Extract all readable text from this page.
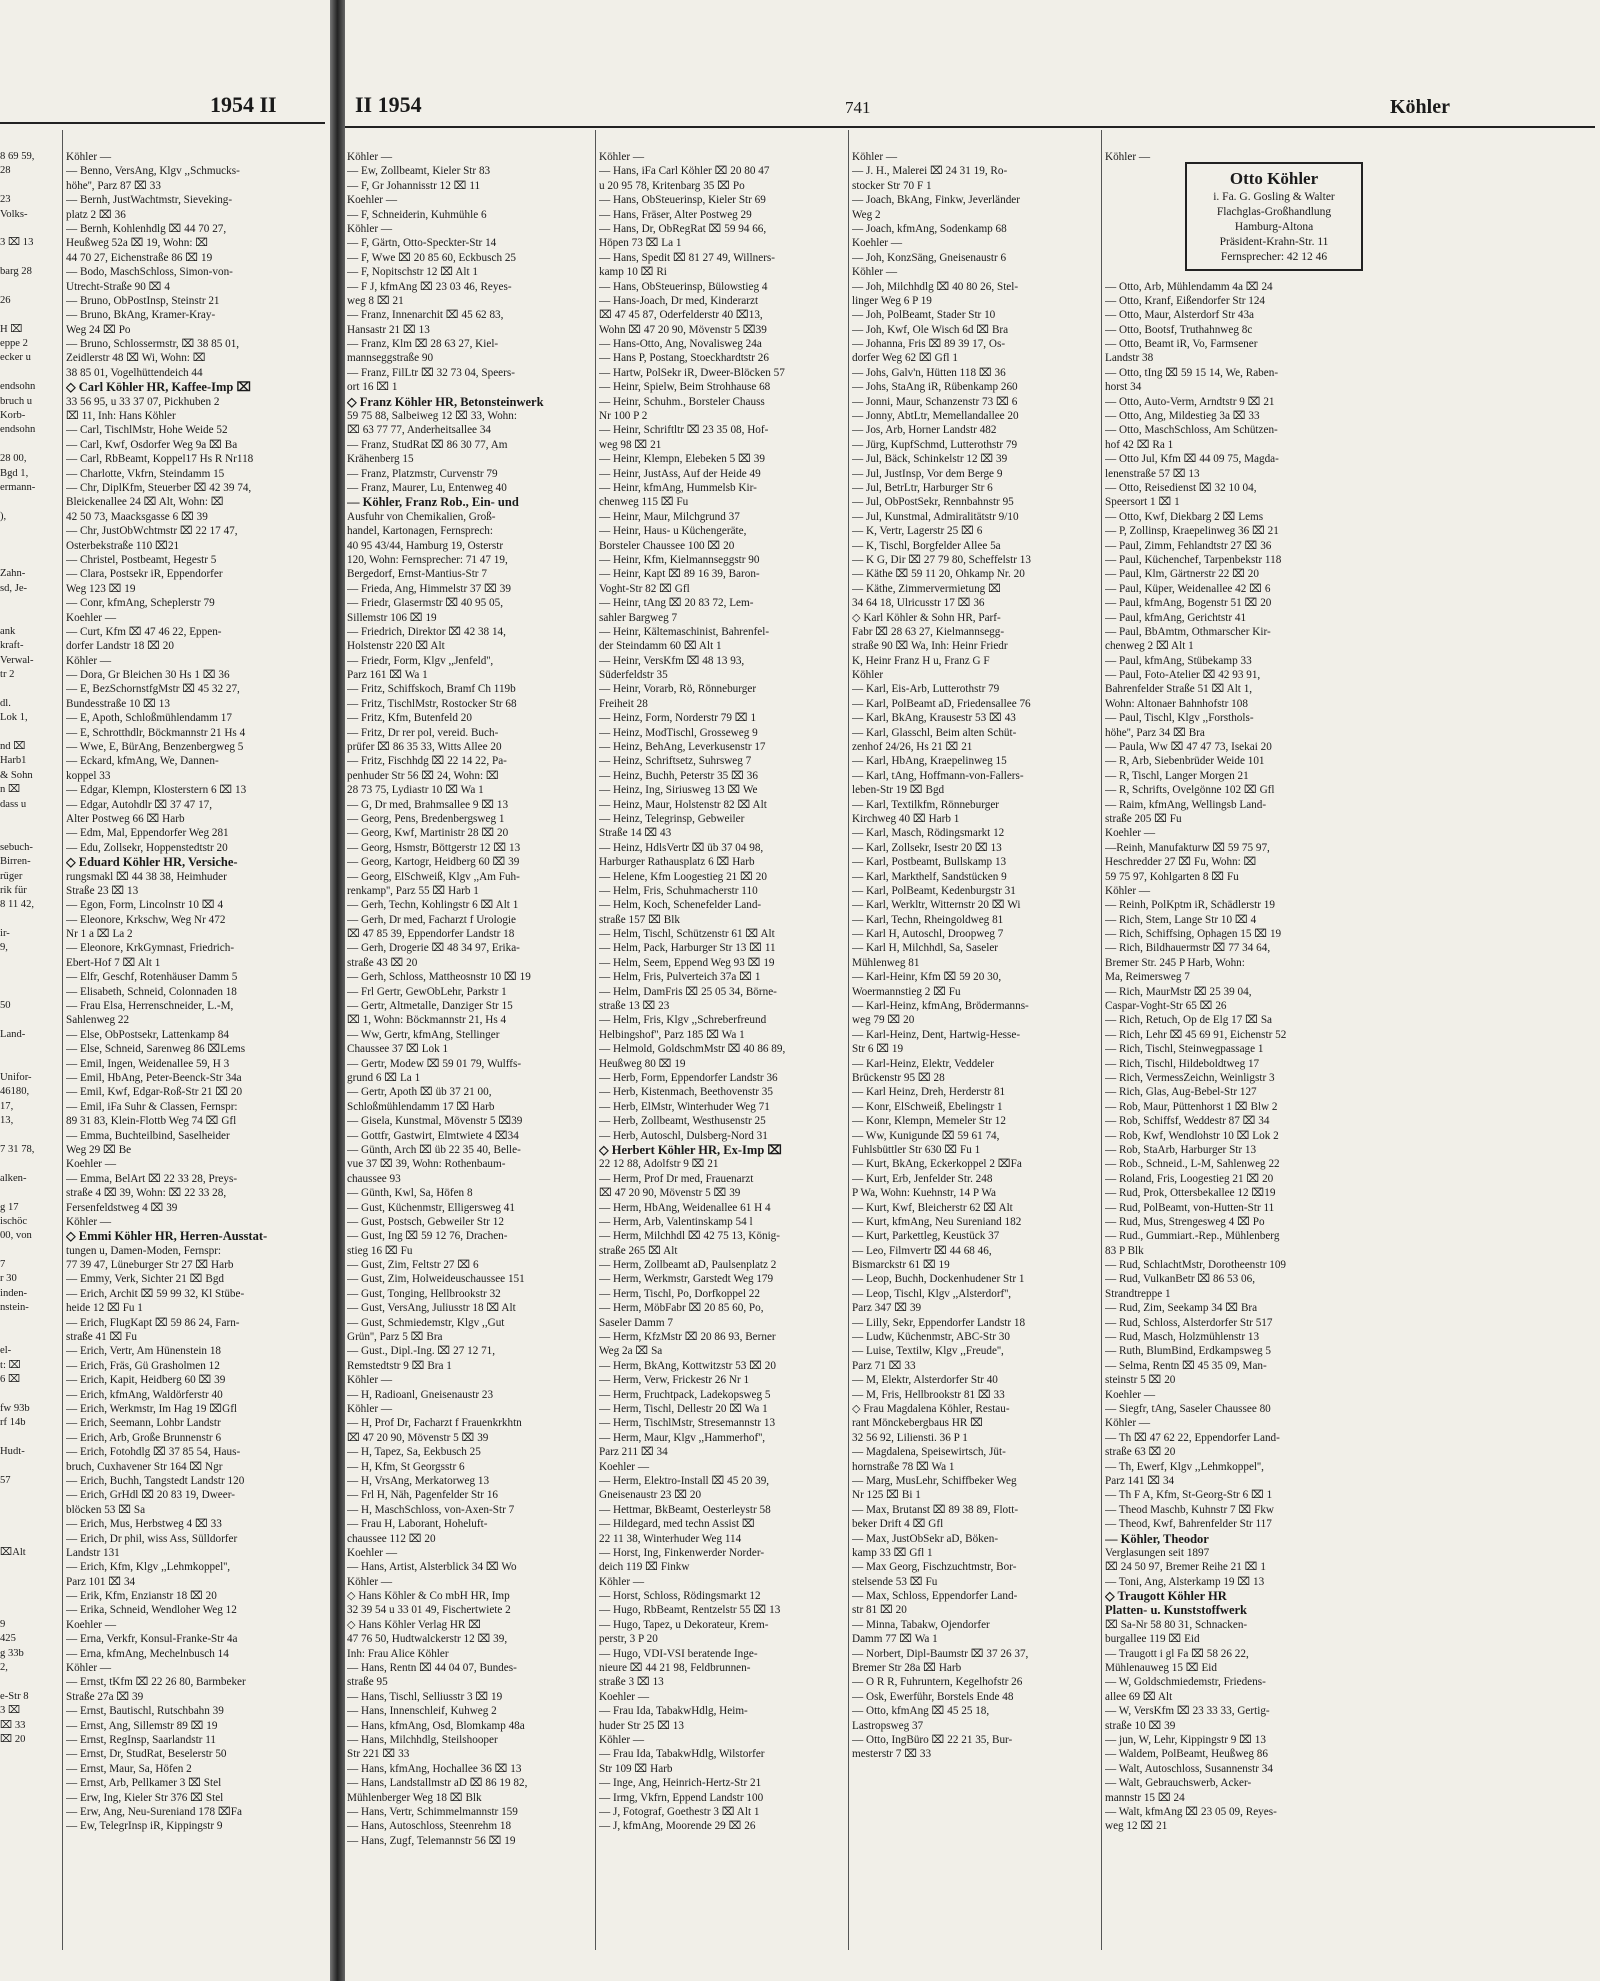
1954 II
8 69 59,
28
23
Volks-
3 ⌧ 13
barg 28
26
H ⌧
eppe 2
ecker u
endsohn
bruch u
Korb-
endsohn
28 00,
Bgd 1,
ermann-
),
Zahn-
sd, Je-
ank
kraft-
Verwal-
tr 2
dl.
Lok 1,
nd ⌧
Harb1
& Sohn
n ⌧
dass u
sebuch-
Birren-
rüger
rik für
8 11 42,
ir-
9,
50
Land-
Unifor-
46180,
17,
13,
7 31 78,
alken-
g 17
ischöc
00, von
7
r 30
inden-
nstein-
el-
t: ⌧
6 ⌧
fw 93b
rf 14b
Hudt-
57
⌧Alt
9
425
g 33b
2,
e-Str 8
3 ⌧
⌧ 33
⌧ 20
Köhler —
— Benno, VersAng, Klgv ,,Schmucks-
höhe'', Parz 87 ⌧ 33
— Bernh, JustWachtmstr, Sieveking-
platz 2 ⌧ 36
— Bernh, Kohlenhdlg ⌧ 44 70 27,
Heußweg 52a ⌧ 19, Wohn: ⌧
44 70 27, Eichenstraße 86 ⌧ 19
— Bodo, MaschSchloss, Simon-von-
Utrecht-Straße 90 ⌧ 4
— Bruno, ObPostInsp, Steinstr 21
— Bruno, BkAng, Kramer-Kray-
Weg 24 ⌧ Po
— Bruno, Schlossermstr, ⌧ 38 85 01,
Zeidlerstr 48 ⌧ Wi, Wohn: ⌧
38 85 01, Vogelhüttendeich 44
◇ Carl Köhler HR, Kaffee-Imp ⌧
33 56 95, u 33 37 07, Pickhuben 2
⌧ 11, Inh: Hans Köhler
— Carl, TischlMstr, Hohe Weide 52
— Carl, Kwf, Osdorfer Weg 9a ⌧ Ba
— Carl, RbBeamt, Koppel17 Hs R Nr118
— Charlotte, Vkfrn, Steindamm 15
— Chr, DiplKfm, Steuerber ⌧ 42 39 74,
Bleickenallee 24 ⌧ Alt, Wohn: ⌧
42 50 73, Maacksgasse 6 ⌧ 39
— Chr, JustObWchtmstr ⌧ 22 17 47,
Osterbekstraße 110 ⌧21
— Christel, Postbeamt, Hegestr 5
— Clara, Postsekr iR, Eppendorfer
Weg 123 ⌧ 19
— Conr, kfmAng, Scheplerstr 79
Koehler —
— Curt, Kfm ⌧ 47 46 22, Eppen-
dorfer Landstr 18 ⌧ 20
Köhler —
— Dora, Gr Bleichen 30 Hs 1 ⌧ 36
— E, BezSchornstfgMstr ⌧ 45 32 27,
Bundesstraße 10 ⌧ 13
— E, Apoth, Schloßmühlendamm 17
— E, Schrotthdlr, Böckmannstr 21 Hs 4
— Wwe, E, BürAng, Benzenbergweg 5
— Eckard, kfmAng, We, Dannen-
koppel 33
— Edgar, Klempn, Klosterstern 6 ⌧ 13
— Edgar, Autohdlr ⌧ 37 47 17,
Alter Postweg 66 ⌧ Harb
— Edm, Mal, Eppendorfer Weg 281
— Edu, Zollsekr, Hoppenstedtstr 20
◇ Eduard Köhler HR, Versiche-
rungsmakl ⌧ 44 38 38, Heimhuder
Straße 23 ⌧ 13
— Egon, Form, Lincolnstr 10 ⌧ 4
— Eleonore, Krkschw, Weg Nr 472
Nr 1 a ⌧ La 2
— Eleonore, KrkGymnast, Friedrich-
Ebert-Hof 7 ⌧ Alt 1
— Elfr, Geschf, Rotenhäuser Damm 5
— Elisabeth, Schneid, Colonnaden 18
— Frau Elsa, Herrenschneider, L.-M,
Sahlenweg 22
— Else, ObPostsekr, Lattenkamp 84
— Else, Schneid, Sarenweg 86 ⌧Lems
— Emil, Ingen, Weidenallee 59, H 3
— Emil, HbAng, Peter-Beenck-Str 34a
— Emil, Kwf, Edgar-Roß-Str 21 ⌧ 20
— Emil, iFa Suhr & Classen, Fernspr:
89 31 83, Klein-Flottb Weg 74 ⌧ Gfl
— Emma, Buchteilbind, Saselheider
Weg 29 ⌧ Be
Koehler —
— Emma, BelArt ⌧ 22 33 28, Preys-
straße 4 ⌧ 39, Wohn: ⌧ 22 33 28,
Fersenfeldstweg 4 ⌧ 39
Köhler —
◇ Emmi Köhler HR, Herren-Ausstat-
tungen u, Damen-Moden, Fernspr:
77 39 47, Lüneburger Str 27 ⌧ Harb
— Emmy, Verk, Sichter 21 ⌧ Bgd
— Erich, Archit ⌧ 59 99 32, Kl Stübe-
heide 12 ⌧ Fu 1
— Erich, FlugKapt ⌧ 59 86 24, Farn-
straße 41 ⌧ Fu
— Erich, Vertr, Am Hünenstein 18
— Erich, Fräs, Gü Grasholmen 12
— Erich, Kapit, Heidberg 60 ⌧ 39
— Erich, kfmAng, Waldörferstr 40
— Erich, Werkmstr, Im Hag 19 ⌧Gfl
— Erich, Seemann, Lohbr Landstr
— Erich, Arb, Große Brunnenstr 6
— Erich, Fotohdlg ⌧ 37 85 54, Haus-
bruch, Cuxhavener Str 164 ⌧ Ngr
— Erich, Buchh, Tangstedt Landstr 120
— Erich, GrHdl ⌧ 20 83 19, Dweer-
blöcken 53 ⌧ Sa
— Erich, Mus, Herbstweg 4 ⌧ 33
— Erich, Dr phil, wiss Ass, Sülldorfer
Landstr 131
— Erich, Kfm, Klgv ,,Lehmkoppel'',
Parz 101 ⌧ 34
— Erik, Kfm, Enzianstr 18 ⌧ 20
— Erika, Schneid, Wendloher Weg 12
Koehler —
— Erna, Verkfr, Konsul-Franke-Str 4a
— Erna, kfmAng, Mechelnbusch 14
Köhler —
— Ernst, tKfm ⌧ 22 26 80, Barmbeker
Straße 27a ⌧ 39
— Ernst, Bautischl, Rutschbahn 39
— Ernst, Ang, Sillemstr 89 ⌧ 19
— Ernst, RegInsp, Saarlandstr 11
— Ernst, Dr, StudRat, Beselerstr 50
— Ernst, Maur, Sa, Höfen 2
— Ernst, Arb, Pellkamer 3 ⌧ Stel
— Erw, Ing, Kieler Str 376 ⌧ Stel
— Erw, Ang, Neu-Sureniand 178 ⌧Fa
— Ew, TelegrInsp iR, Kippingstr 9
II 1954	741	Köhler
Köhler —
— Ew, Zollbeamt, Kieler Str 83
— F, Gr Johannisstr 12 ⌧ 11
Koehler —
— F, Schneiderin, Kuhmühle 6
Köhler —
— F, Gärtn, Otto-Speckter-Str 14
— F, Wwe ⌧ 20 85 60, Eckbusch 25
— F, Nopitschstr 12 ⌧ Alt 1
— F J, kfmAng ⌧ 23 03 46, Reyes-
weg 8 ⌧ 21
— Franz, Innenarchit ⌧ 45 62 83,
Hansastr 21 ⌧ 13
— Franz, Klm ⌧ 28 63 27, Kiel-
mannseggstraße 90
— Franz, FilLtr ⌧ 32 73 04, Speers-
ort 16 ⌧ 1
◇ Franz Köhler HR, Betonsteinwerk
59 75 88, Salbeiweg 12 ⌧ 33, Wohn:
⌧ 63 77 77, Anderheitsallee 34
— Franz, StudRat ⌧ 86 30 77, Am
Krähenberg 15
— Franz, Platzmstr, Curvenstr 79
— Franz, Maurer, Lu, Entenweg 40
— Köhler, Franz Rob., Ein- und
Ausfuhr von Chemikalien, Groß-
handel, Kartonagen, Fernsprech:
40 95 43/44, Hamburg 19, Osterstr
120, Wohn: Fernsprecher: 71 47 19,
Bergedorf, Ernst-Mantius-Str 7
— Frieda, Ang, Himmelstr 37 ⌧ 39
— Friedr, Glasermstr ⌧ 40 95 05,
Sillemstr 106 ⌧ 19
— Friedrich, Direktor ⌧ 42 38 14,
Holstenstr 220 ⌧ Alt
— Friedr, Form, Klgv ,,Jenfeld'',
Parz 161 ⌧ Wa 1
— Fritz, Schiffskoch, Bramf Ch 119b
— Fritz, TischlMstr, Rostocker Str 68
— Fritz, Kfm, Butenfeld 20
— Fritz, Dr rer pol, vereid. Buch-
prüfer ⌧ 86 35 33, Witts Allee 20
— Fritz, Fischhdg ⌧ 22 14 22, Pa-
penhuder Str 56 ⌧ 24, Wohn: ⌧
28 73 75, Lydiastr 10 ⌧ Wa 1
— G, Dr med, Brahmsallee 9 ⌧ 13
— Georg, Pens, Bredenbergsweg 1
— Georg, Kwf, Martinistr 28 ⌧ 20
— Georg, Hsmstr, Böttgerstr 12 ⌧ 13
— Georg, Kartogr, Heidberg 60 ⌧ 39
— Georg, ElSchweiß, Klgv ,,Am Fuh-
renkamp'', Parz 55 ⌧ Harb 1
— Gerh, Techn, Kohlingstr 6 ⌧ Alt 1
— Gerh, Dr med, Facharzt f Urologie
⌧ 47 85 39, Eppendorfer Landstr 18
— Gerh, Drogerie ⌧ 48 34 97, Erika-
straße 43 ⌧ 20
— Gerh, Schloss, Mattheosnstr 10 ⌧ 19
— Frl Gertr, GewObLehr, Parkstr 1
— Gertr, Altmetalle, Danziger Str 15
⌧ 1, Wohn: Böckmannstr 21, Hs 4
— Ww, Gertr, kfmAng, Stellinger
Chaussee 37 ⌧ Lok 1
— Gertr, Modew ⌧ 59 01 79, Wulffs-
grund 6 ⌧ La 1
— Gertr, Apoth ⌧ üb 37 21 00,
Schloßmühlendamm 17 ⌧ Harb
— Gisela, Kunstmal, Mövenstr 5 ⌧39
— Gottfr, Gastwirt, Elmtwiete 4 ⌧34
— Günth, Arch ⌧ üb 22 35 40, Belle-
vue 37 ⌧ 39, Wohn: Rothenbaum-
chaussee 93
— Günth, Kwl, Sa, Höfen 8
— Gust, Küchenmstr, Elligersweg 41
— Gust, Postsch, Gebweiler Str 12
— Gust, Ing ⌧ 59 12 76, Drachen-
stieg 16 ⌧ Fu
— Gust, Zim, Feltstr 27 ⌧ 6
— Gust, Zim, Holweideuschaussee 151
— Gust, Tonging, Hellbrookstr 32
— Gust, VersAng, Juliusstr 18 ⌧ Alt
— Gust, Schmiedemstr, Klgv ,,Gut
Grün'', Parz 5 ⌧ Bra
— Gust., Dipl.-Ing. ⌧ 27 12 71,
Remstedtstr 9 ⌧ Bra 1
Köhler —
— H, Radioanl, Gneisenaustr 23
Köhler —
— H, Prof Dr, Facharzt f Frauenkrkhtn
⌧ 47 20 90, Mövenstr 5 ⌧ 39
— H, Tapez, Sa, Eekbusch 25
— H, Kfm, St Georgsstr 6
— H, VrsAng, Merkatorweg 13
— Frl H, Näh, Pagenfelder Str 16
— H, MaschSchloss, von-Axen-Str 7
— Frau H, Laborant, Hoheluft-
chaussee 112 ⌧ 20
Koehler —
— Hans, Artist, Alsterblick 34 ⌧ Wo
Köhler —
◇ Hans Köhler & Co mbH HR, Imp
32 39 54 u 33 01 49, Fischertwiete 2
◇ Hans Köhler Verlag HR ⌧
47 76 50, Hudtwalckerstr 12 ⌧ 39,
Inh: Frau Alice Köhler
— Hans, Rentn ⌧ 44 04 07, Bundes-
straße 95
— Hans, Tischl, Selliusstr 3 ⌧ 19
— Hans, Innenschleif, Kuhweg 2
— Hans, kfmAng, Osd, Blomkamp 48a
— Hans, Milchhdlg, Steilshooper
Str 221 ⌧ 33
— Hans, kfmAng, Hochallee 36 ⌧ 13
— Hans, Landstallmstr aD ⌧ 86 19 82,
Mühlenberger Weg 18 ⌧ Blk
— Hans, Vertr, Schimmelmannstr 159
— Hans, Autoschloss, Steenrehm 18
— Hans, Zugf, Telemannstr 56 ⌧ 19
Köhler —
— Hans, iFa Carl Köhler ⌧ 20 80 47
u 20 95 78, Kritenbarg 35 ⌧ Po
— Hans, ObSteuerinsp, Kieler Str 69
— Hans, Fräser, Alter Postweg 29
— Hans, Dr, ObRegRat ⌧ 59 94 66,
Höpen 73 ⌧ La 1
— Hans, Spedit ⌧ 81 27 49, Willners-
kamp 10 ⌧ Ri
— Hans, ObSteuerinsp, Bülowstieg 4
— Hans-Joach, Dr med, Kinderarzt
⌧ 47 45 87, Oderfelderstr 40 ⌧13,
Wohn ⌧ 47 20 90, Mövenstr 5 ⌧39
— Hans-Otto, Ang, Novalisweg 24a
— Hans P, Postang, Stoeckhardtstr 26
— Hartw, PolSekr iR, Dweer-Blöcken 57
— Heinr, Spielw, Beim Strohhause 68
— Heinr, Schuhm., Borsteler Chauss
Nr 100 P 2
— Heinr, Schriftltr ⌧ 23 35 08, Hof-
weg 98 ⌧ 21
— Heinr, Klempn, Elebeken 5 ⌧ 39
— Heinr, JustAss, Auf der Heide 49
— Heinr, kfmAng, Hummelsb Kir-
chenweg 115 ⌧ Fu
— Heinr, Maur, Milchgrund 37
— Heinr, Haus- u Küchengeräte,
Borsteler Chaussee 100 ⌧ 20
— Heinr, Kfm, Kielmannseggstr 90
— Heinr, Kapt ⌧ 89 16 39, Baron-
Voght-Str 82 ⌧ Gfl
— Heinr, tAng ⌧ 20 83 72, Lem-
sahler Bargweg 7
— Heinr, Kältemaschinist, Bahrenfel-
der Steindamm 60 ⌧ Alt 1
— Heinr, VersKfm ⌧ 48 13 93,
Süderfeldstr 35
— Heinr, Vorarb, Rö, Rönneburger
Freiheit 28
— Heinz, Form, Norderstr 79 ⌧ 1
— Heinz, ModTischl, Grosseweg 9
— Heinz, BehAng, Leverkusenstr 17
— Heinz, Schriftsetz, Suhrsweg 7
— Heinz, Buchh, Peterstr 35 ⌧ 36
— Heinz, Ing, Siriusweg 13 ⌧ We
— Heinz, Maur, Holstenstr 82 ⌧ Alt
— Heinz, Telegrinsp, Gebweiler
Straße 14 ⌧ 43
— Heinz, HdlsVertr ⌧ üb 37 04 98,
Harburger Rathausplatz 6 ⌧ Harb
— Helene, Kfm Loogestieg 21 ⌧ 20
— Helm, Fris, Schuhmacherstr 110
— Helm, Koch, Schenefelder Land-
straße 157 ⌧ Blk
— Helm, Tischl, Schützenstr 61 ⌧ Alt
— Helm, Pack, Harburger Str 13 ⌧ 11
— Helm, Seem, Eppend Weg 93 ⌧ 19
— Helm, Fris, Pulverteich 37a ⌧ 1
— Helm, DamFris ⌧ 25 05 34, Börne-
straße 13 ⌧ 23
— Helm, Fris, Klgv ,,Schreberfreund
Helbingshof'', Parz 185 ⌧ Wa 1
— Helmold, GoldschmMstr ⌧ 40 86 89,
Heußweg 80 ⌧ 19
— Herb, Form, Eppendorfer Landstr 36
— Herb, Kistenmach, Beethovenstr 35
— Herb, ElMstr, Winterhuder Weg 71
— Herb, Zollbeamt, Westhusenstr 25
— Herb, Autoschl, Dulsberg-Nord 31
◇ Herbert Köhler HR, Ex-Imp ⌧
22 12 88, Adolfstr 9 ⌧ 21
— Herm, Prof Dr med, Frauenarzt
⌧ 47 20 90, Mövenstr 5 ⌧ 39
— Herm, HbAng, Weidenallee 61 H 4
— Herm, Arb, Valentinskamp 54 l
— Herm, Milchhdl ⌧ 42 75 13, König-
straße 265 ⌧ Alt
— Herm, Zollbeamt aD, Paulsenplatz 2
— Herm, Werkmstr, Garstedt Weg 179
— Herm, Tischl, Po, Dorfkoppel 22
— Herm, MöbFabr ⌧ 20 85 60, Po,
Saseler Damm 7
— Herm, KfzMstr ⌧ 20 86 93, Berner
Weg 2a ⌧ Sa
— Herm, BkAng, Kottwitzstr 53 ⌧ 20
— Herm, Verw, Frickestr 26 Nr 1
— Herm, Fruchtpack, Ladekopsweg 5
— Herm, Tischl, Dellestr 20 ⌧ Wa 1
— Herm, TischlMstr, Stresemannstr 13
— Herm, Maur, Klgv ,,Hammerhof'',
Parz 211 ⌧ 34
Koehler —
— Herm, Elektro-Install ⌧ 45 20 39,
Gneisenaustr 23 ⌧ 20
— Hettmar, BkBeamt, Oesterleystr 58
— Hildegard, med techn Assist ⌧
22 11 38, Winterhuder Weg 114
— Horst, Ing, Finkenwerder Norder-
deich 119 ⌧ Finkw
Köhler —
— Horst, Schloss, Rödingsmarkt 12
— Hugo, RbBeamt, Rentzelstr 55 ⌧ 13
— Hugo, Tapez, u Dekorateur, Krem-
perstr, 3 P 20
— Hugo, VDI-VSI beratende Inge-
nieure ⌧ 44 21 98, Feldbrunnen-
straße 3 ⌧ 13
Koehler —
— Frau Ida, TabakwHdlg, Heim-
huder Str 25 ⌧ 13
Köhler —
— Frau Ida, TabakwHdlg, Wilstorfer
Str 109 ⌧ Harb
— Inge, Ang, Heinrich-Hertz-Str 21
— Irmg, Vkfrn, Eppend Landstr 100
— J, Fotograf, Goethestr 3 ⌧ Alt 1
— J, kfmAng, Moorende 29 ⌧ 26
Köhler —
— J. H., Malerei ⌧ 24 31 19, Ro-
stocker Str 70 F 1
— Joach, BkAng, Finkw, Jeverländer
Weg 2
— Joach, kfmAng, Sodenkamp 68
Koehler —
— Joh, KonzSäng, Gneisenaustr 6
Köhler —
— Joh, Milchhdlg ⌧ 40 80 26, Stel-
linger Weg 6 P 19
— Joh, PolBeamt, Stader Str 10
— Joh, Kwf, Ole Wisch 6d ⌧ Bra
— Johanna, Fris ⌧ 89 39 17, Os-
dorfer Weg 62 ⌧ Gfl 1
— Johs, Galv'n, Hütten 118 ⌧ 36
— Johs, StaAng iR, Rübenkamp 260
— Jonni, Maur, Schanzenstr 73 ⌧ 6
— Jonny, AbtLtr, Memellandallee 20
— Jos, Arb, Horner Landstr 482
— Jürg, KupfSchmd, Lutterothstr 79
— Jul, Bäck, Schinkelstr 12 ⌧ 39
— Jul, JustInsp, Vor dem Berge 9
— Jul, BetrLtr, Harburger Str 6
— Jul, ObPostSekr, Rennbahnstr 95
— Jul, Kunstmal, Admiralitätstr 9/10
— K, Vertr, Lagerstr 25 ⌧ 6
— K, Tischl, Borgfelder Allee 5a
— K G, Dir ⌧ 27 79 80, Scheffelstr 13
— Käthe ⌧ 59 11 20, Ohkamp Nr. 20
— Käthe, Zimmervermietung ⌧
34 64 18, Ulricusstr 17 ⌧ 36
◇ Karl Köhler & Sohn HR, Parf-
Fabr ⌧ 28 63 27, Kielmannsegg-
straße 90 ⌧ Wa, Inh: Heinr Friedr
K, Heinr Franz H u, Franz G F
Köhler
— Karl, Eis-Arb, Lutterothstr 79
— Karl, PolBeamt aD, Friedensallee 76
— Karl, BkAng, Krausestr 53 ⌧ 43
— Karl, Glasschl, Beim alten Schüt-
zenhof 24/26, Hs 21 ⌧ 21
— Karl, HbAng, Kraepelinweg 15
— Karl, tAng, Hoffmann-von-Fallers-
leben-Str 19 ⌧ Bgd
— Karl, Textilkfm, Rönneburger
Kirchweg 40 ⌧ Harb 1
— Karl, Masch, Rödingsmarkt 12
— Karl, Zollsekr, Isestr 20 ⌧ 13
— Karl, Postbeamt, Bullskamp 13
— Karl, Markthelf, Sandstücken 9
— Karl, PolBeamt, Kedenburgstr 31
— Karl, Werkltr, Witternstr 20 ⌧ Wi
— Karl, Techn, Rheingoldweg 81
— Karl H, Autoschl, Droopweg 7
— Karl H, Milchhdl, Sa, Saseler
Mühlenweg 81
— Karl-Heinr, Kfm ⌧ 59 20 30,
Woermannstieg 2 ⌧ Fu
— Karl-Heinz, kfmAng, Brödermanns-
weg 79 ⌧ 20
— Karl-Heinz, Dent, Hartwig-Hesse-
Str 6 ⌧ 19
— Karl-Heinz, Elektr, Veddeler
Brückenstr 95 ⌧ 28
— Karl Heinz, Dreh, Herderstr 81
— Konr, ElSchweiß, Ebelingstr 1
— Konr, Klempn, Memeler Str 12
— Ww, Kunigunde ⌧ 59 61 74,
Fuhlsbüttler Str 630 ⌧ Fu 1
— Kurt, BkAng, Eckerkoppel 2 ⌧Fa
— Kurt, Erb, Jenfelder Str. 248
P Wa, Wohn: Kuehnstr, 14 P Wa
— Kurt, Kwf, Bleicherstr 62 ⌧ Alt
— Kurt, kfmAng, Neu Sureniand 182
— Kurt, Parkettleg, Keustück 37
— Leo, Filmvertr ⌧ 44 68 46,
Bismarckstr 61 ⌧ 19
— Leop, Buchh, Dockenhudener Str 1
— Leop, Tischl, Klgv ,,Alsterdorf'',
Parz 347 ⌧ 39
— Lilly, Sekr, Eppendorfer Landstr 18
— Ludw, Küchenmstr, ABC-Str 30
— Luise, Textilw, Klgv ,,Freude'',
Parz 71 ⌧ 33
— M, Elektr, Alsterdorfer Str 40
— M, Fris, Hellbrookstr 81 ⌧ 33
◇ Frau Magdalena Köhler, Restau-
rant Mönckebergbaus HR ⌧
32 56 92, Liliensti. 36 P 1
— Magdalena, Speisewirtsch, Jüt-
hornstraße 78 ⌧ Wa 1
— Marg, MusLehr, Schiffbeker Weg
Nr 125 ⌧ Bi 1
— Max, Brutanst ⌧ 89 38 89, Flott-
beker Drift 4 ⌧ Gfl
— Max, JustObSekr aD, Böken-
kamp 33 ⌧ Gfl 1
— Max Georg, Fischzuchtmstr, Bor-
stelsende 53 ⌧ Fu
— Max, Schloss, Eppendorfer Land-
str 81 ⌧ 20
— Minna, Tabakw, Ojendorfer
Damm 77 ⌧ Wa 1
— Norbert, Dipl-Baumstr ⌧ 37 26 37,
Bremer Str 28a ⌧ Harb
— O R R, Fuhruntern, Kegelhofstr 26
— Osk, Ewerführ, Borstels Ende 48
— Otto, kfmAng ⌧ 45 25 18,
Lastropsweg 37
— Otto, IngBüro ⌧ 22 21 35, Bur-
mesterstr 7 ⌧ 33
Köhler —
— Otto, Arb, Mühlendamm 4a ⌧ 24
— Otto, Kranf, Eißendorfer Str 124
— Otto, Maur, Alsterdorf Str 43a
— Otto, Bootsf, Truthahnweg 8c
— Otto, Beamt iR, Vo, Farmsener
Landstr 38
— Otto, tIng ⌧ 59 15 14, We, Raben-
horst 34
— Otto, Auto-Verm, Arndtstr 9 ⌧ 21
— Otto, Ang, Mildestieg 3a ⌧ 33
— Otto, MaschSchloss, Am Schützen-
hof 42 ⌧ Ra 1
— Otto Jul, Kfm ⌧ 44 09 75, Magda-
lenenstraße 57 ⌧ 13
— Otto, Reisedienst ⌧ 32 10 04,
Speersort 1 ⌧ 1
— Otto, Kwf, Diekbarg 2 ⌧ Lems
— P, Zollinsp, Kraepelinweg 36 ⌧ 21
— Paul, Zimm, Fehlandtstr 27 ⌧ 36
— Paul, Küchenchef, Tarpenbekstr 118
— Paul, Klm, Gärtnerstr 22 ⌧ 20
— Paul, Küper, Weidenallee 42 ⌧ 6
— Paul, kfmAng, Bogenstr 51 ⌧ 20
— Paul, kfmAng, Gerichtstr 41
— Paul, BbAmtm, Othmarscher Kir-
chenweg 2 ⌧ Alt 1
— Paul, kfmAng, Stübekamp 33
— Paul, Foto-Atelier ⌧ 42 93 91,
Bahrenfelder Straße 51 ⌧ Alt 1,
Wohn: Altonaer Bahnhofstr 108
— Paul, Tischl, Klgv ,,Forsthols-
höhe'', Parz 34 ⌧ Bra
— Paula, Ww ⌧ 47 47 73, Isekai 20
— R, Arb, Siebenbrüder Weide 101
— R, Tischl, Langer Morgen 21
— R, Schrifts, Ovelgönne 102 ⌧ Gfl
— Raim, kfmAng, Wellingsb Land-
straße 205 ⌧ Fu
Koehler —
—Reinh, Manufakturw ⌧ 59 75 97,
Heschredder 27 ⌧ Fu, Wohn: ⌧
59 75 97, Kohlgarten 8 ⌧ Fu
Köhler —
— Reinh, PolKptm iR, Schädlerstr 19
— Rich, Stem, Lange Str 10 ⌧ 4
— Rich, Schiffsing, Ophagen 15 ⌧ 19
— Rich, Bildhauermstr ⌧ 77 34 64,
Bremer Str. 245 P Harb, Wohn:
Ma, Reimersweg 7
— Rich, MaurMstr ⌧ 25 39 04,
Caspar-Voght-Str 65 ⌧ 26
— Rich, Retuch, Op de Elg 17 ⌧ Sa
— Rich, Lehr ⌧ 45 69 91, Eichenstr 52
— Rich, Tischl, Steinwegpassage 1
— Rich, Tischl, Hildeboldtweg 17
— Rich, VermessZeichn, Weinligstr 3
— Rich, Glas, Aug-Bebel-Str 127
— Rob, Maur, Püttenhorst 1 ⌧ Blw 2
— Rob, Schiffsf, Weddestr 87 ⌧ 34
— Rob, Kwf, Wendlohstr 10 ⌧ Lok 2
— Rob, StaArb, Harburger Str 13
— Rob., Schneid., L-M, Sahlenweg 22
— Roland, Fris, Loogestieg 21 ⌧ 20
— Rud, Prok, Ottersbekallee 12 ⌧19
— Rud, PolBeamt, von-Hutten-Str 11
— Rud, Mus, Strengesweg 4 ⌧ Po
— Rud., Gummiart.-Rep., Mühlenberg
83 P Blk
— Rud, SchlachtMstr, Dorotheenstr 109
— Rud, VulkanBetr ⌧ 86 53 06,
Strandtreppe 1
— Rud, Zim, Seekamp 34 ⌧ Bra
— Rud, Schloss, Alsterdorfer Str 517
— Rud, Masch, Holzmühlenstr 13
— Ruth, BlumBind, Erdkampsweg 5
— Selma, Rentn ⌧ 45 35 09, Man-
steinstr 5 ⌧ 20
Koehler —
— Siegfr, tAng, Saseler Chaussee 80
Köhler —
— Th ⌧ 47 62 22, Eppendorfer Land-
straße 63 ⌧ 20
— Th, Ewerf, Klgv ,,Lehmkoppel'',
Parz 141 ⌧ 34
— Th F A, Kfm, St-Georg-Str 6 ⌧ 1
— Theod Maschb, Kuhnstr 7 ⌧ Fkw
— Theod, Kwf, Bahrenfelder Str 117
— Köhler, Theodor
Verglasungen seit 1897
⌧ 24 50 97, Bremer Reihe 21 ⌧ 1
— Toni, Ang, Alsterkamp 19 ⌧ 13
◇ Traugott Köhler HR
Platten- u. Kunststoffwerk
⌧ Sa-Nr 58 80 31, Schnacken-
burgallee 119 ⌧ Eid
— Traugott i gl Fa ⌧ 58 26 22,
Mühlenauweg 15 ⌧ Eid
— W, Goldschmiedemstr, Friedens-
allee 69 ⌧ Alt
— W, VersKfm ⌧ 23 33 33, Gertig-
straße 10 ⌧ 39
— jun, W, Lehr, Kippingstr 9 ⌧ 13
— Waldem, PolBeamt, Heußweg 86
— Walt, Autoschloss, Susannenstr 34
— Walt, Gebrauchswerb, Acker-
mannstr 15 ⌧ 24
— Walt, kfmAng ⌧ 23 05 09, Reyes-
weg 12 ⌧ 21
Otto Köhler
i. Fa. G. Gosling & Walter
Flachglas-Großhandlung
Hamburg-Altona
Präsident-Krahn-Str. 11
Fernsprecher: 42 12 46
